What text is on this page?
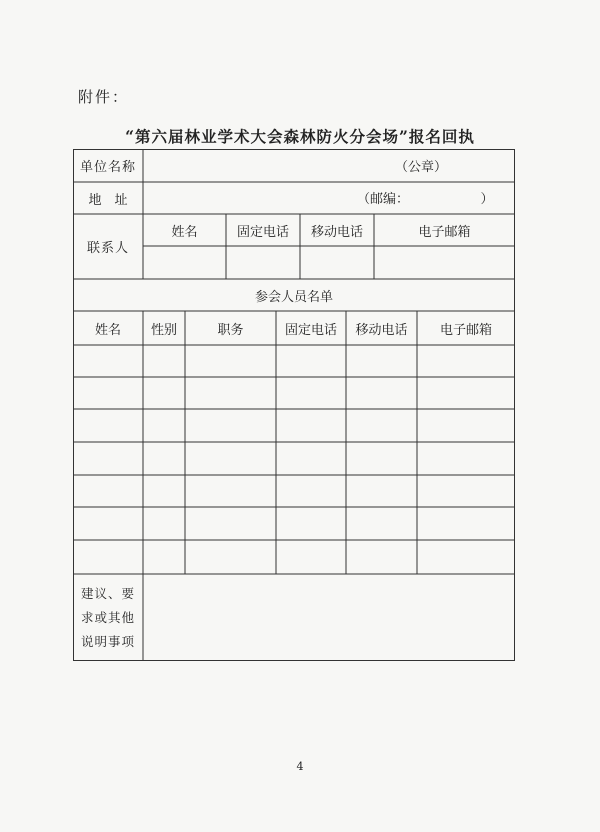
附件：
“第六届林业学术大会森林防火分会场”报名回执
单位名称	（公章）
地　址	（邮编：　　　　　　）
联系人
姓名	固定电话	移动电话	电子邮箱
参会人员名单
姓名	性别	职务	固定电话	移动电话	电子邮箱
建议、要
求或其他
说明事项
4
